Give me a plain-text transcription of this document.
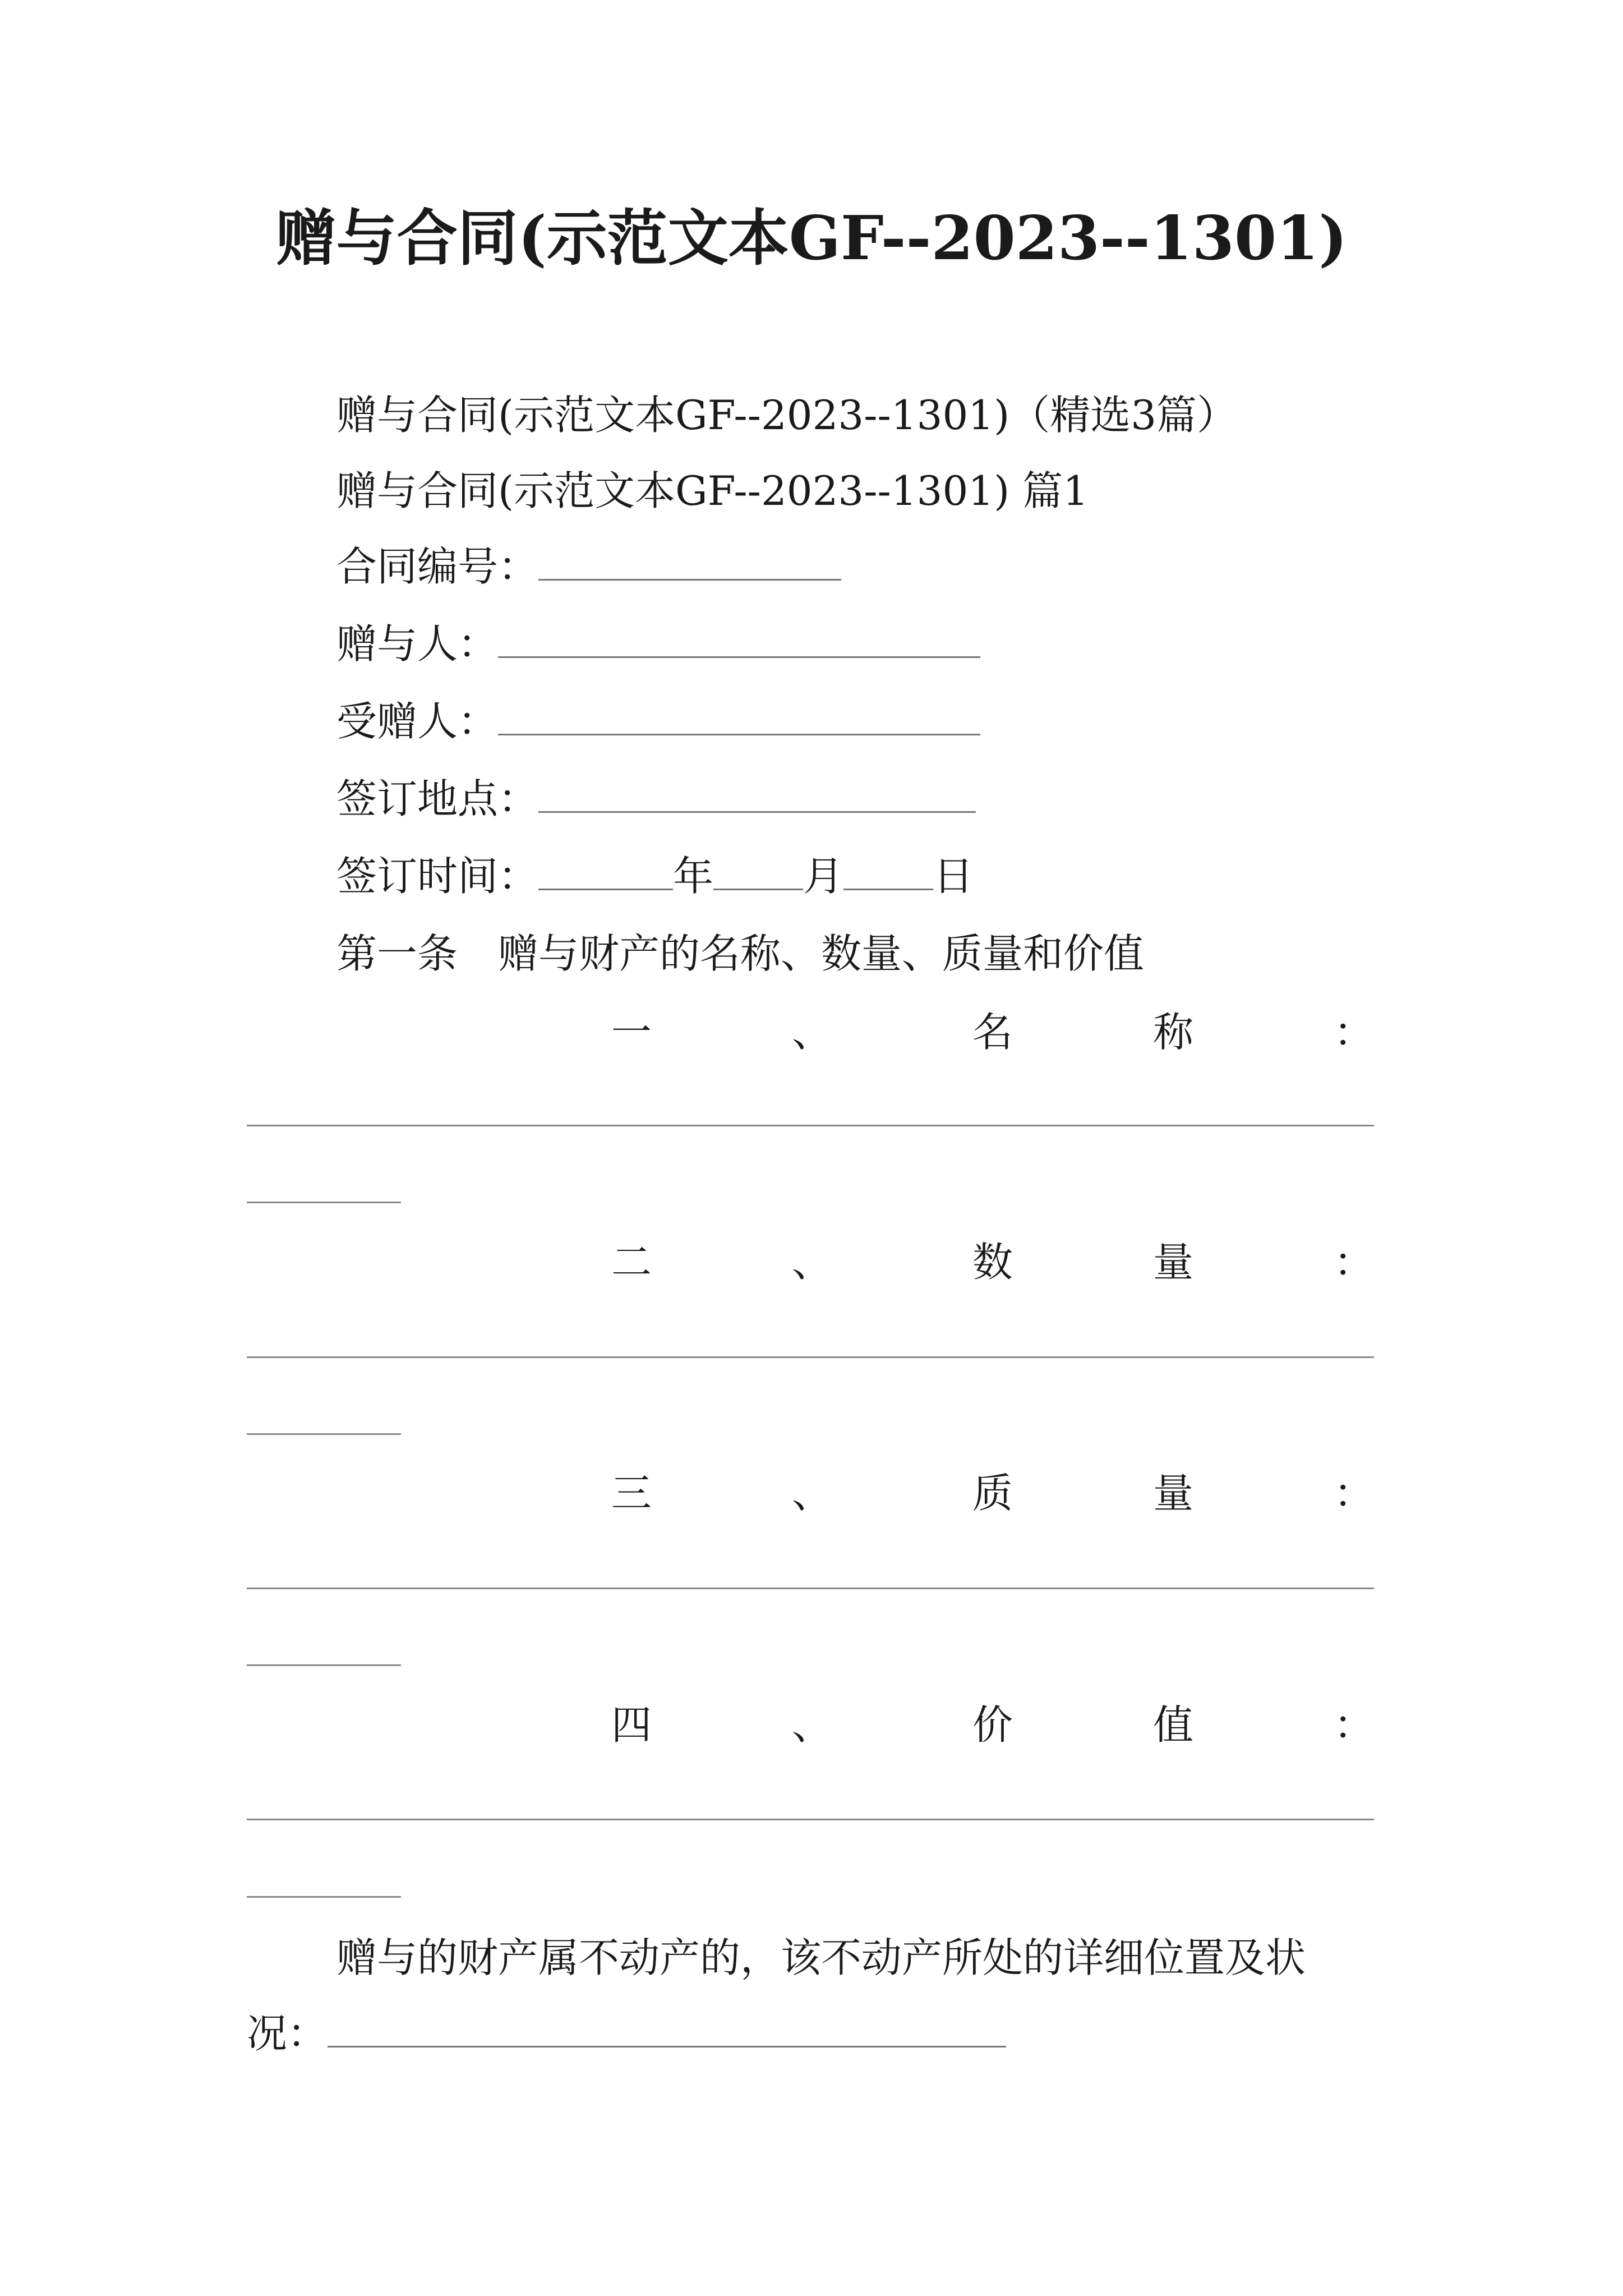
赠与合同(示范文本GF--2023--1301)
赠与合同(示范文本GF--2023--1301)（精选3篇）
赠与合同(示范文本GF--2023--1301) 篇1
合同编号：
赠与人：
受赠人：
签订地点：
签订时间：	年 月 日
第一条　赠与财产的名称、数量、质量和价值
一	、	名	称	：
二	、	数	量	：
三	、	质	量	：
四	、	价	值	：
赠与的财产属不动产的，该不动产所处的详细位置及状
况：
